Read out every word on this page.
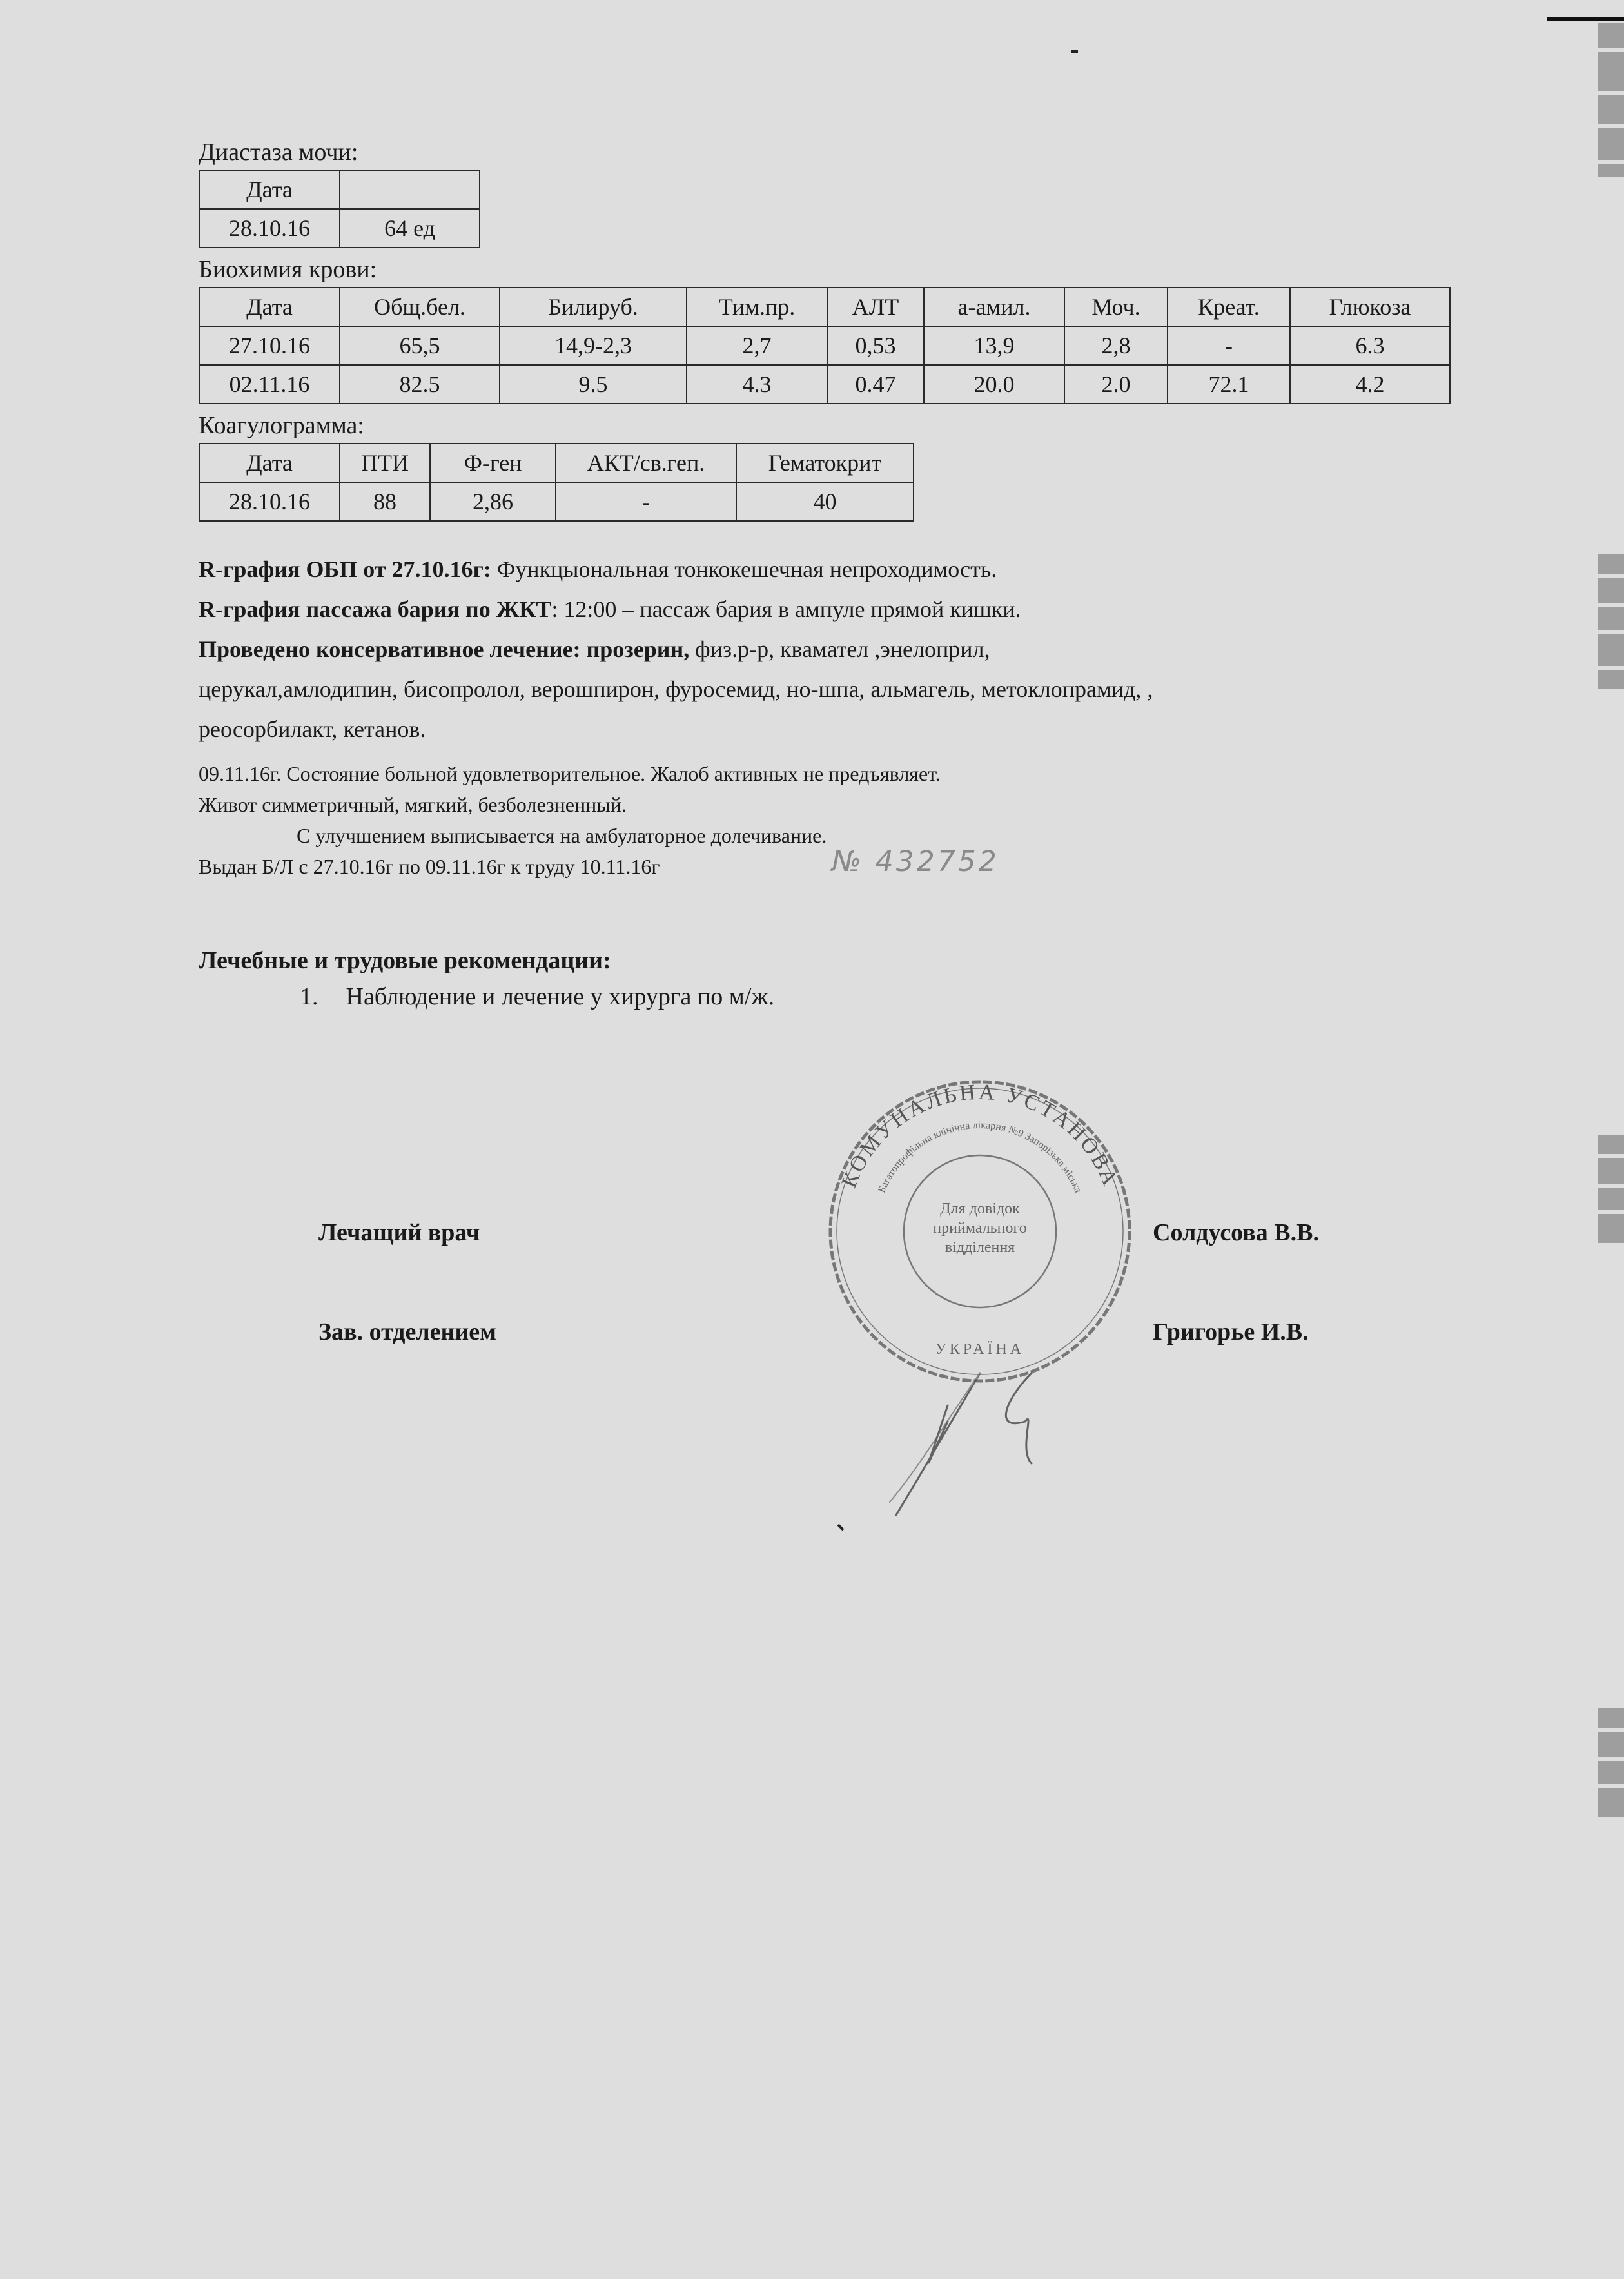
Диастаза мочи:
Дата	
28.10.16	64 ед
Биохимия крови:
Дата	Общ.бел.	Билируб.	Тим.пр.	АЛТ	а-амил.	Моч.	Креат.	Глюкоза
27.10.16	65,5	14,9-2,3	2,7	0,53	13,9	2,8	-	6.3
02.11.16	82.5	9.5	4.3	0.47	20.0	2.0	72.1	4.2
Коагулограмма:
Дата	ПТИ	Ф-ген	АКТ/св.геп.	Гематокрит
28.10.16	88	2,86	-	40
R-графия ОБП от 27.10.16г: Функцыональная тонкокешечная непроходимость.
R-графия пассажа бария по ЖКТ: 12:00 – пассаж бария в ампуле прямой кишки.
Проведено консервативное лечение: прозерин, физ.р-р, квамател ,энелоприл,
церукал,амлодипин, бисопролол, верошпирон, фуросемид, но-шпа, альмагель, метоклопрамид, ,
реосорбилакт, кетанов.
09.11.16г. Состояние больной удовлетворительное. Жалоб активных не предъявляет.
Живот симметричный, мягкий, безболезненный.
С улучшением выписывается на амбулаторное долечивание.
Выдан Б/Л с 27.10.16г по 09.11.16г к труду 10.11.16г	№ 432752
Лечебные и трудовые рекомендации:
1. Наблюдение и лечение у хирурга по м/ж.
Лечащий врач	Солдусова В.В.
Зав. отделением	Григорье И.В.
КОМУНАЛЬНА УСТАНОВА
Багатопрофільна клінічна лікарня №9 Запорізька міська
УКРАЇНА
Для довідок приймального відділення
